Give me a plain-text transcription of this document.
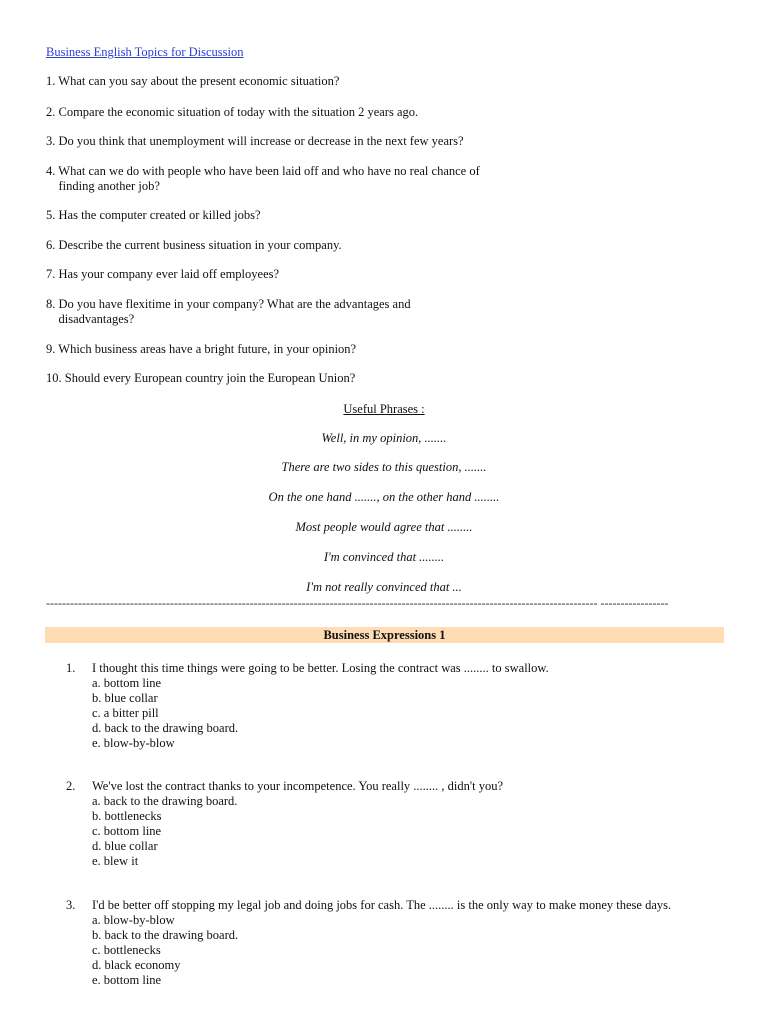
Business English Topics for Discussion
1. What can you say about the present economic situation?
2. Compare the economic situation of today with the situation 2 years ago.
3. Do you think that unemployment will increase or decrease in the next few years?
4. What can we do with people who have been laid off and who have no real chance of
finding another job?
5. Has the computer created or killed jobs?
6. Describe the current business situation in your company.
7. Has your company ever laid off employees?
8. Do you have flexitime in your company? What are the advantages and
disadvantages?
9. Which business areas have a bright future, in your opinion?
10. Should every European country join the European Union?
Useful Phrases :
Well, in my opinion, .......
There are two sides to this question, .......
On the one hand ......., on the other hand ........
Most people would agree that ........
I'm convinced that ........
I'm not really convinced that ...
------------------------------------------------------------------------------------------------------------------------------------------ -----------------
Business Expressions 1
1.	I thought this time things were going to be better. Losing the contract was ........ to swallow.
a. bottom line
b. blue collar
c. a bitter pill
d. back to the drawing board.
e. blow-by-blow
2.	We've lost the contract thanks to your incompetence. You really ........ , didn't you?
a. back to the drawing board.
b. bottlenecks
c. bottom line
d. blue collar
e. blew it
3.	I'd be better off stopping my legal job and doing jobs for cash. The ........ is the only way to make money these days.
a. blow-by-blow
b. back to the drawing board.
c. bottlenecks
d. black economy
e. bottom line
